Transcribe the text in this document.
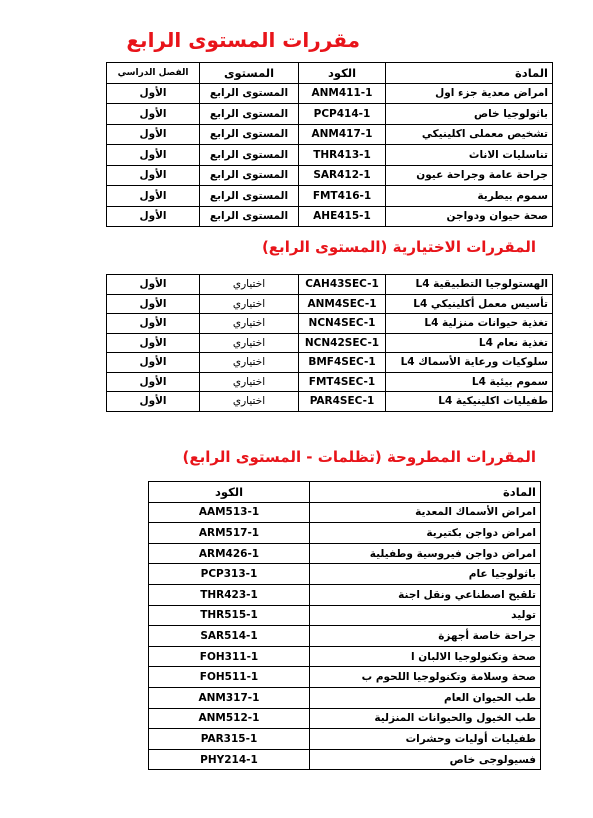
مقررات المستوى الرابع
المادة	الكود	المستوى	الفصل الدراسي
امراض معدية جزء اول	ANM411-1	المستوى الرابع	الأول
باثولوجيا خاص	PCP414-1	المستوى الرابع	الأول
تشخيص معملى اكلينيكي	ANM417-1	المستوى الرابع	الأول
تناسليات الاناث	THR413-1	المستوى الرابع	الأول
جراحة عامة وجراحة عيون	SAR412-1	المستوى الرابع	الأول
سموم بيطرية	FMT416-1	المستوى الرابع	الأول
صحة حيوان ودواجن	AHE415-1	المستوى الرابع	الأول
المقررات الاختيارية (المستوى الرابع)
الهستولوجيا التطبيقية L4	CAH43SEC-1	اختياري	الأول
تأسيس معمل أكلينيكي L4	ANM4SEC-1	اختياري	الأول
تغذية حيوانات منزلية L4	NCN4SEC-1	اختياري	الأول
تغذية نعام L4	NCN42SEC-1	اختياري	الأول
سلوكيات ورعاية الأسماك L4	BMF4SEC-1	اختياري	الأول
سموم بيئية L4	FMT4SEC-1	اختياري	الأول
طفيليات اكلينيكية L4	PAR4SEC-1	اختياري	الأول
المقررات المطروحة (تظلمات - المستوى الرابع)
المادة	الكود
امراض الأسماك المعدية	AAM513-1
امراض دواجن بكتيرية	ARM517-1
امراض دواجن فيروسية وطفيلية	ARM426-1
باثولوجيا عام	PCP313-1
تلقيح اصطناعي ونقل اجنة	THR423-1
توليد	THR515-1
جراحة خاصة أجهزة	SAR514-1
صحة وتكنولوجيا الالبان ا	FOH311-1
صحة وسلامة وتكنولوجيا اللحوم ب	FOH511-1
طب الحيوان العام	ANM317-1
طب الخيول والحيوانات المنزلية	ANM512-1
طفيليات أوليات وحشرات	PAR315-1
فسيولوجى خاص	PHY214-1
